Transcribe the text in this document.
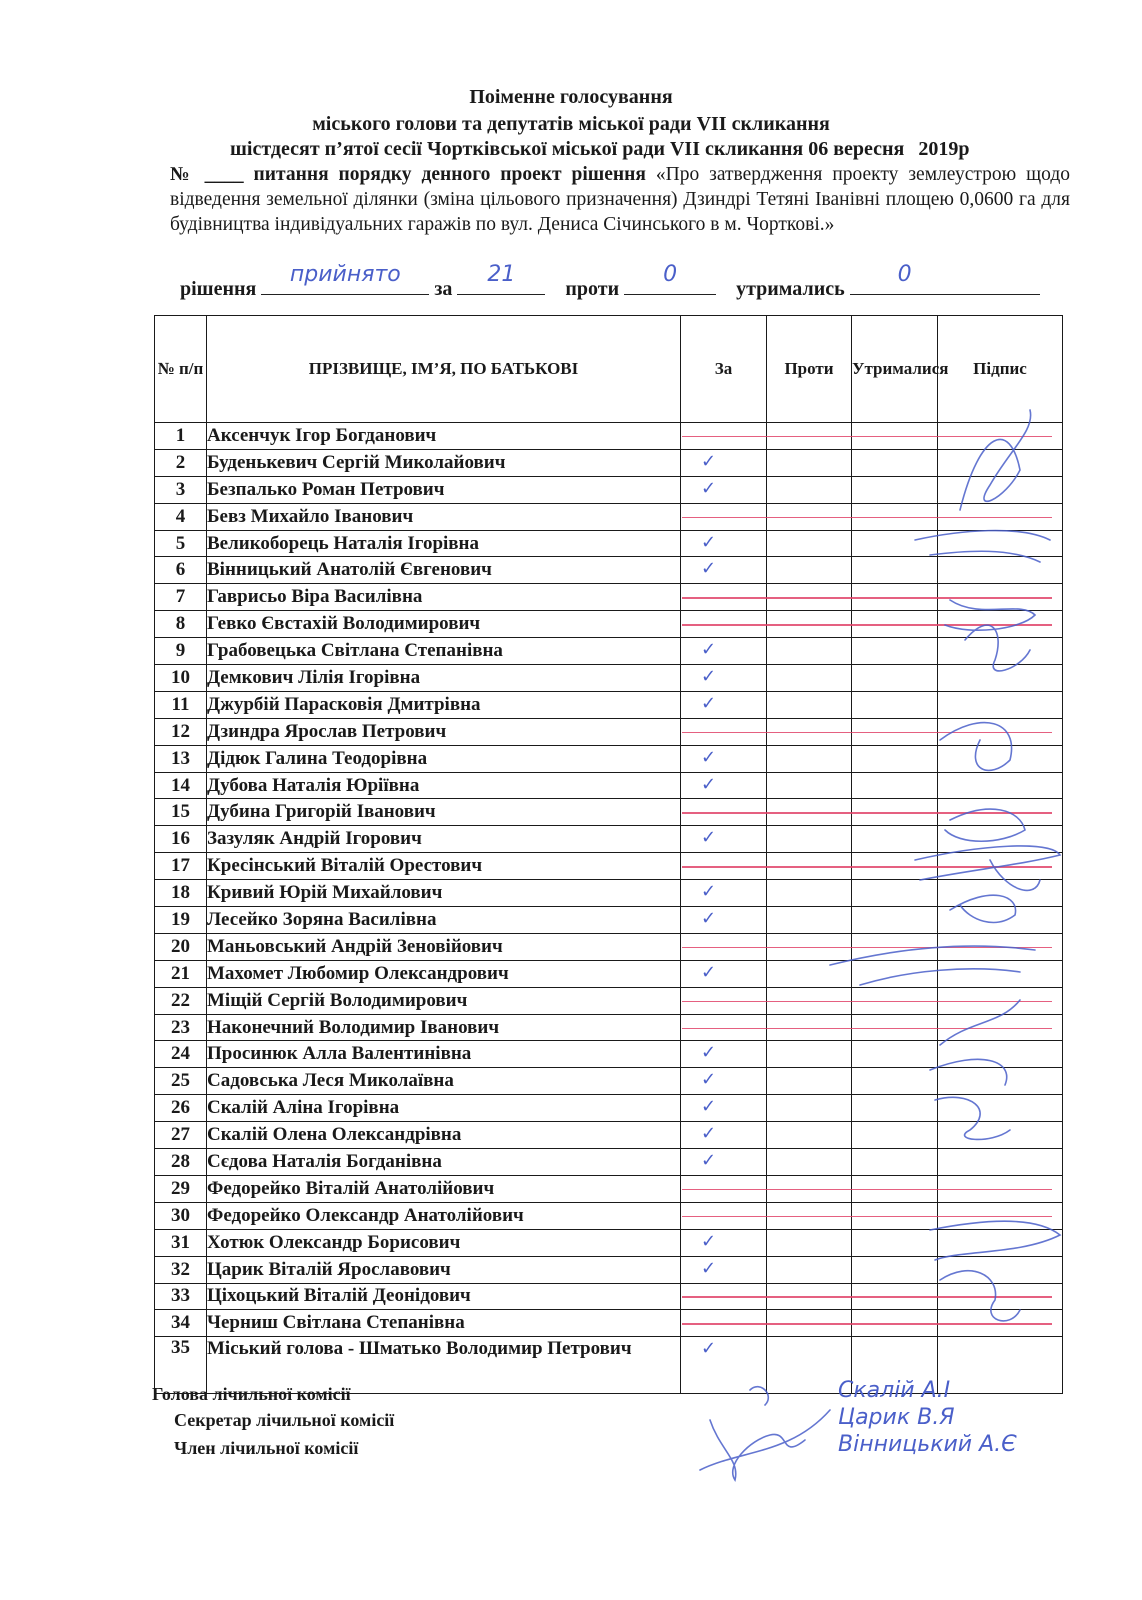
Поіменне голосування
міського голови та депутатів міської ради VII скликання
шістдесят п’ятої сесії Чортківської міської ради VII скликання 06 вересня 2019р
№ ____ питання порядку денного проект рішення «Про затвердження проекту землеустрою щодо відведення земельної ділянки (зміна цільового призначення) Дзиндрі Тетяні Іванівні площею 0,0600 га для будівництва індивідуальних гаражів по вул. Дениса Січинського в м. Чорткові.»
рішення
прийнято
за
21
проти
0
утримались
0
№ п/п	ПРІЗВИЩЕ, ІМ’Я, ПО БАТЬКОВІ	За	Проти	Утрималися	Підпис
1	Аксенчук Ігор Богданович				
2	Буденькевич Сергій Миколайович	✓			

3	Безпалько Роман Петрович	✓			

4	Бевз Михайло Іванович				
5	Великоборець Наталія Ігорівна	✓			

6	Вінницький Анатолій Євгенович	✓			

7	Гаврисьо Віра Василівна				
8	Гевко Євстахій Володимирович				
9	Грабовецька Світлана Степанівна	✓			

10	Демкович Лілія Ігорівна	✓			

11	Джурбій Парасковія Дмитрівна	✓			

12	Дзиндра Ярослав Петрович				
13	Дідюк Галина Теодорівна	✓			

14	Дубова Наталія Юріївна	✓			

15	Дубина Григорій Іванович				
16	Зазуляк Андрій Ігорович	✓			

17	Кресінський Віталій Орестович				
18	Кривий Юрій Михайлович	✓			

19	Лесейко Зоряна Василівна	✓			

20	Маньовський Андрій Зеновійович				
21	Махомет Любомир Олександрович	✓			

22	Міщій Сергій Володимирович				
23	Наконечний Володимир Іванович				
24	Просинюк Алла Валентинівна	✓			

25	Садовська Леся Миколаївна	✓			

26	Скалій Аліна Ігорівна	✓			

27	Скалій Олена Олександрівна	✓			

28	Сєдова Наталія Богданівна	✓			

29	Федорейко Віталій Анатолійович				
30	Федорейко Олександр Анатолійович				
31	Хотюк Олександр Борисович	✓			

32	Царик Віталій Ярославович	✓			

33	Ціхоцький Віталій Деонідович				
34	Черниш Світлана Степанівна				
35	Міський голова - Шматько Володимир Петрович	✓			

Голова лічильної комісії
Секретар лічильної комісії
Член лічильної комісії
Скалій А.І
Царик В.Я
Вінницький А.Є
